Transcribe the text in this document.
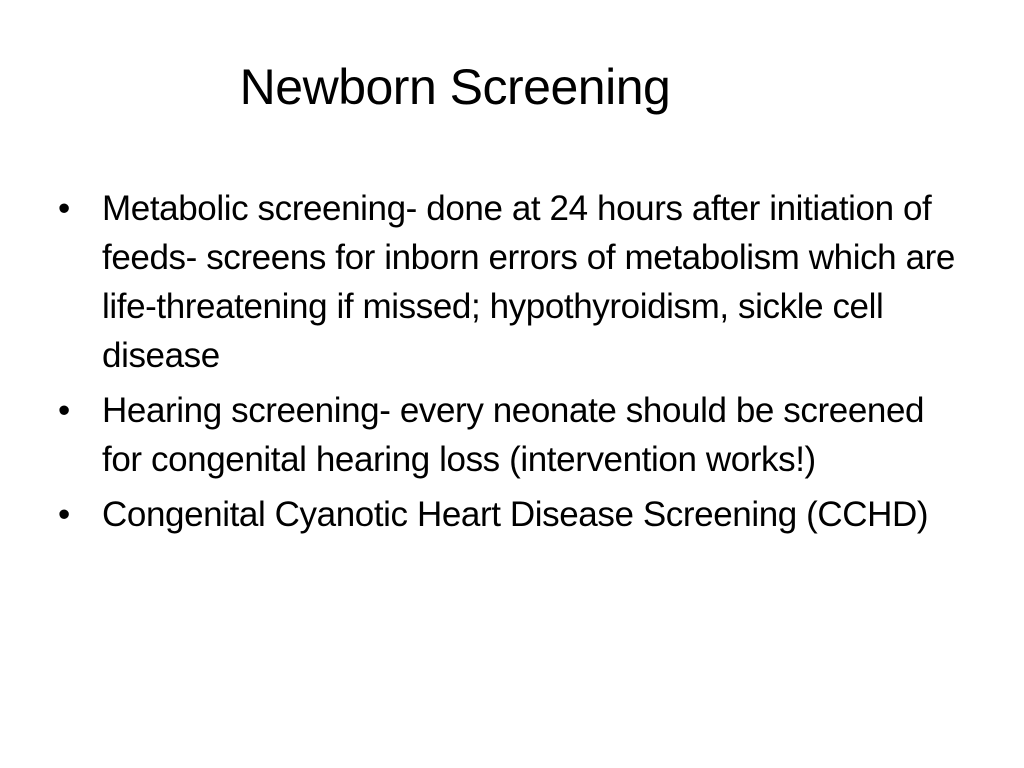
Newborn Screening
• Metabolic screening- done at 24 hours after initiation of feeds- screens for inborn errors of metabolism which are life-threatening if missed; hypothyroidism, sickle cell disease
• Hearing screening- every neonate should be screened for congenital hearing loss (intervention works!)
• Congenital Cyanotic Heart Disease Screening (CCHD)
